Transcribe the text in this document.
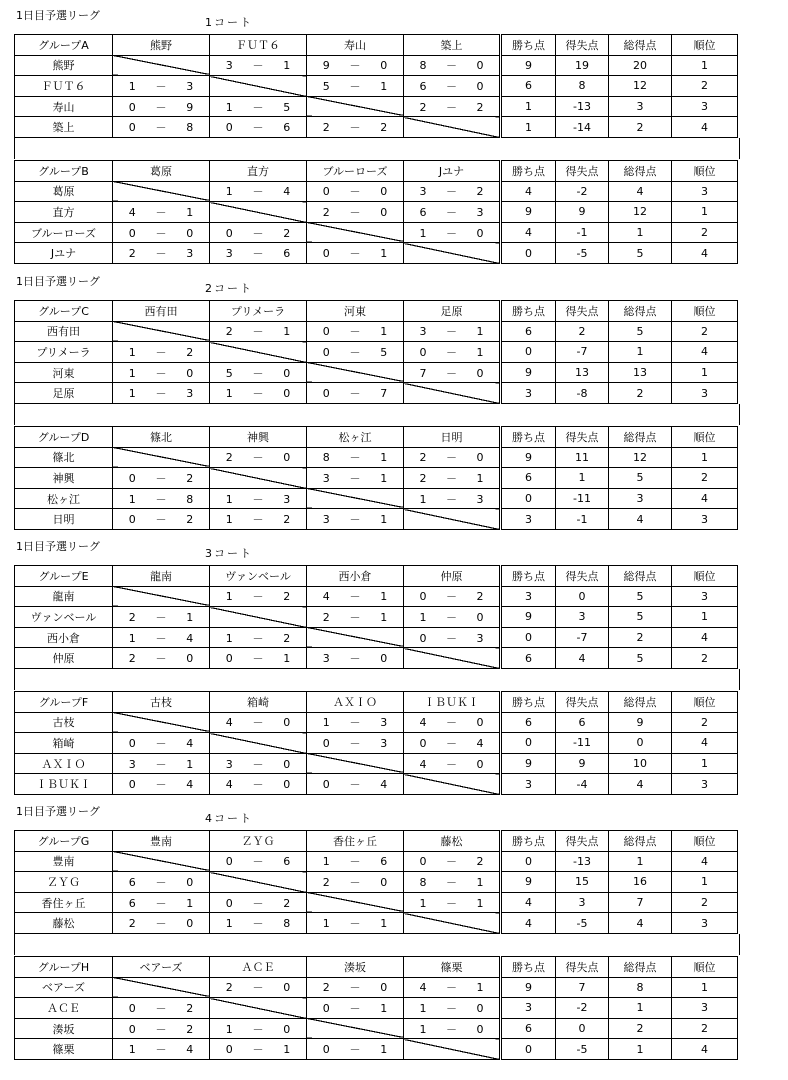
1日目予選リーグ
1コート
グループA	熊野	ＦＵＴ６	寿山	築上	勝ち点	得失点	総得点	順位
熊野		3 － 1	9 － 0	8 － 0	9	19	20	1
ＦＵＴ６	1 － 3		5 － 1	6 － 0	6	8	12	2
寿山	0 － 9	1 － 5		2 － 2	1	-13	3	3
築上	0 － 8	0 － 6	2 － 2		1	-14	2	4
グループB	葛原	直方	ブルーローズ	Jユナ	勝ち点	得失点	総得点	順位
葛原		1 － 4	0 － 0	3 － 2	4	-2	4	3
直方	4 － 1		2 － 0	6 － 3	9	9	12	1
ブルーローズ	0 － 0	0 － 2		1 － 0	4	-1	1	2
Jユナ	2 － 3	3 － 6	0 － 1		0	-5	5	4
1日目予選リーグ
2コート
グループC	西有田	プリメーラ	河東	足原	勝ち点	得失点	総得点	順位
西有田		2 － 1	0 － 1	3 － 1	6	2	5	2
プリメーラ	1 － 2		0 － 5	0 － 1	0	-7	1	4
河東	1 － 0	5 － 0		7 － 0	9	13	13	1
足原	1 － 3	1 － 0	0 － 7		3	-8	2	3
グループD	篠北	神興	松ヶ江	日明	勝ち点	得失点	総得点	順位
篠北		2 － 0	8 － 1	2 － 0	9	11	12	1
神興	0 － 2		3 － 1	2 － 1	6	1	5	2
松ヶ江	1 － 8	1 － 3		1 － 3	0	-11	3	4
日明	0 － 2	1 － 2	3 － 1		3	-1	4	3
1日目予選リーグ
3コート
グループE	龍南	ヴァンベール	西小倉	仲原	勝ち点	得失点	総得点	順位
龍南		1 － 2	4 － 1	0 － 2	3	0	5	3
ヴァンベール	2 － 1		2 － 1	1 － 0	9	3	5	1
西小倉	1 － 4	1 － 2		0 － 3	0	-7	2	4
仲原	2 － 0	0 － 1	3 － 0		6	4	5	2
グループF	古枝	箱崎	ＡＸＩＯ	ＩＢＵＫＩ	勝ち点	得失点	総得点	順位
古枝		4 － 0	1 － 3	4 － 0	6	6	9	2
箱崎	0 － 4		0 － 3	0 － 4	0	-11	0	4
ＡＸＩＯ	3 － 1	3 － 0		4 － 0	9	9	10	1
ＩＢＵＫＩ	0 － 4	4 － 0	0 － 4		3	-4	4	3
1日目予選リーグ
4コート
グループG	豊南	ＺＹＧ	香住ヶ丘	藤松	勝ち点	得失点	総得点	順位
豊南		0 － 6	1 － 6	0 － 2	0	-13	1	4
ＺＹＧ	6 － 0		2 － 0	8 － 1	9	15	16	1
香住ヶ丘	6 － 1	0 － 2		1 － 1	4	3	7	2
藤松	2 － 0	1 － 8	1 － 1		4	-5	4	3
グループH	ベアーズ	ＡＣＥ	湊坂	篠栗	勝ち点	得失点	総得点	順位
ベアーズ		2 － 0	2 － 0	4 － 1	9	7	8	1
ＡＣＥ	0 － 2		0 － 1	1 － 0	3	-2	1	3
湊坂	0 － 2	1 － 0		1 － 0	6	0	2	2
篠栗	1 － 4	0 － 1	0 － 1		0	-5	1	4
